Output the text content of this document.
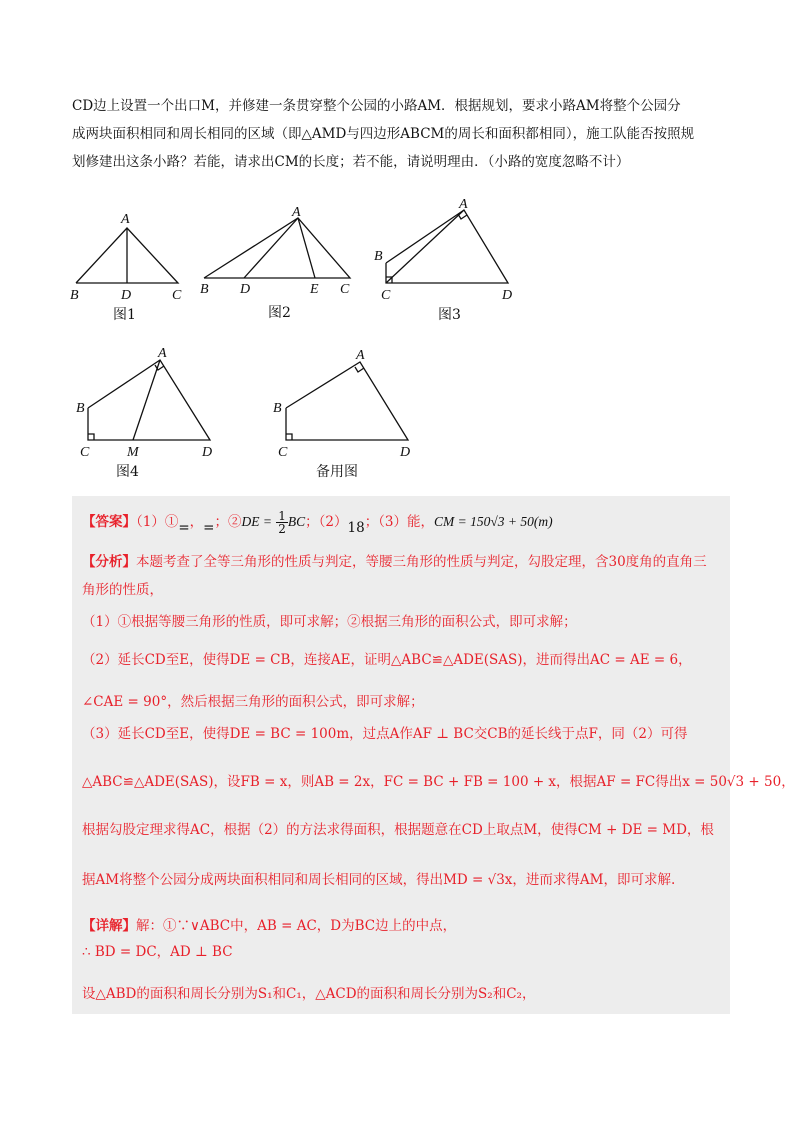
CD边上设置一个出口M，并修建一条贯穿整个公园的小路AM．根据规划，要求小路AM将整个公园分

成两块面积相同和周长相同的区域（即△AMD与四边形ABCM的周长和面积都相同），施工队能否按照规

划修建出这条小路？若能，请求出CM的长度；若不能，请说明理由．（小路的宽度忽略不计）

A
B	D	C
A
B D	E C
A
B
C	D
A
B
C	M	D
A
B
C	D
图1	图2	图3
图4	备用图
【答案】（1）①=，=；②DE = $\frac{1}{2}$ BC；（2）18；（3）能，CM = 150√3 + 50(m)
【分析】本题考查了全等三角形的性质与判定，等腰三角形的性质与判定，勾股定理，含30度角的直角三
角形的性质，
（1）①根据等腰三角形的性质，即可求解；②根据三角形的面积公式，即可求解；
（2）延长CD至E，使得DE = CB，连接AE，证明△ABC≌△ADE(SAS)，进而得出AC = AE = 6，
∠CAE = 90°，然后根据三角形的面积公式，即可求解；
（3）延长CD至E，使得DE = BC = 100m，过点A作AF ⊥ BC交CB的延长线于点F，同（2）可得
△ABC≌△ADE(SAS)，设FB = x，则AB = 2x，FC = BC + FB = 100 + x，根据AF = FC得出x = 50√3 + 50，
根据勾股定理求得AC，根据（2）的方法求得面积，根据题意在CD上取点M，使得CM + DE = MD，根
据AM将整个公园分成两块面积相同和周长相同的区域，得出MD = √3x，进而求得AM，即可求解.
【详解】解：①∵∨ABC中，AB = AC，D为BC边上的中点，
∴ BD = DC，AD ⊥ BC
设△ABD的面积和周长分别为S₁和C₁，△ACD的面积和周长分别为S₂和C₂，
